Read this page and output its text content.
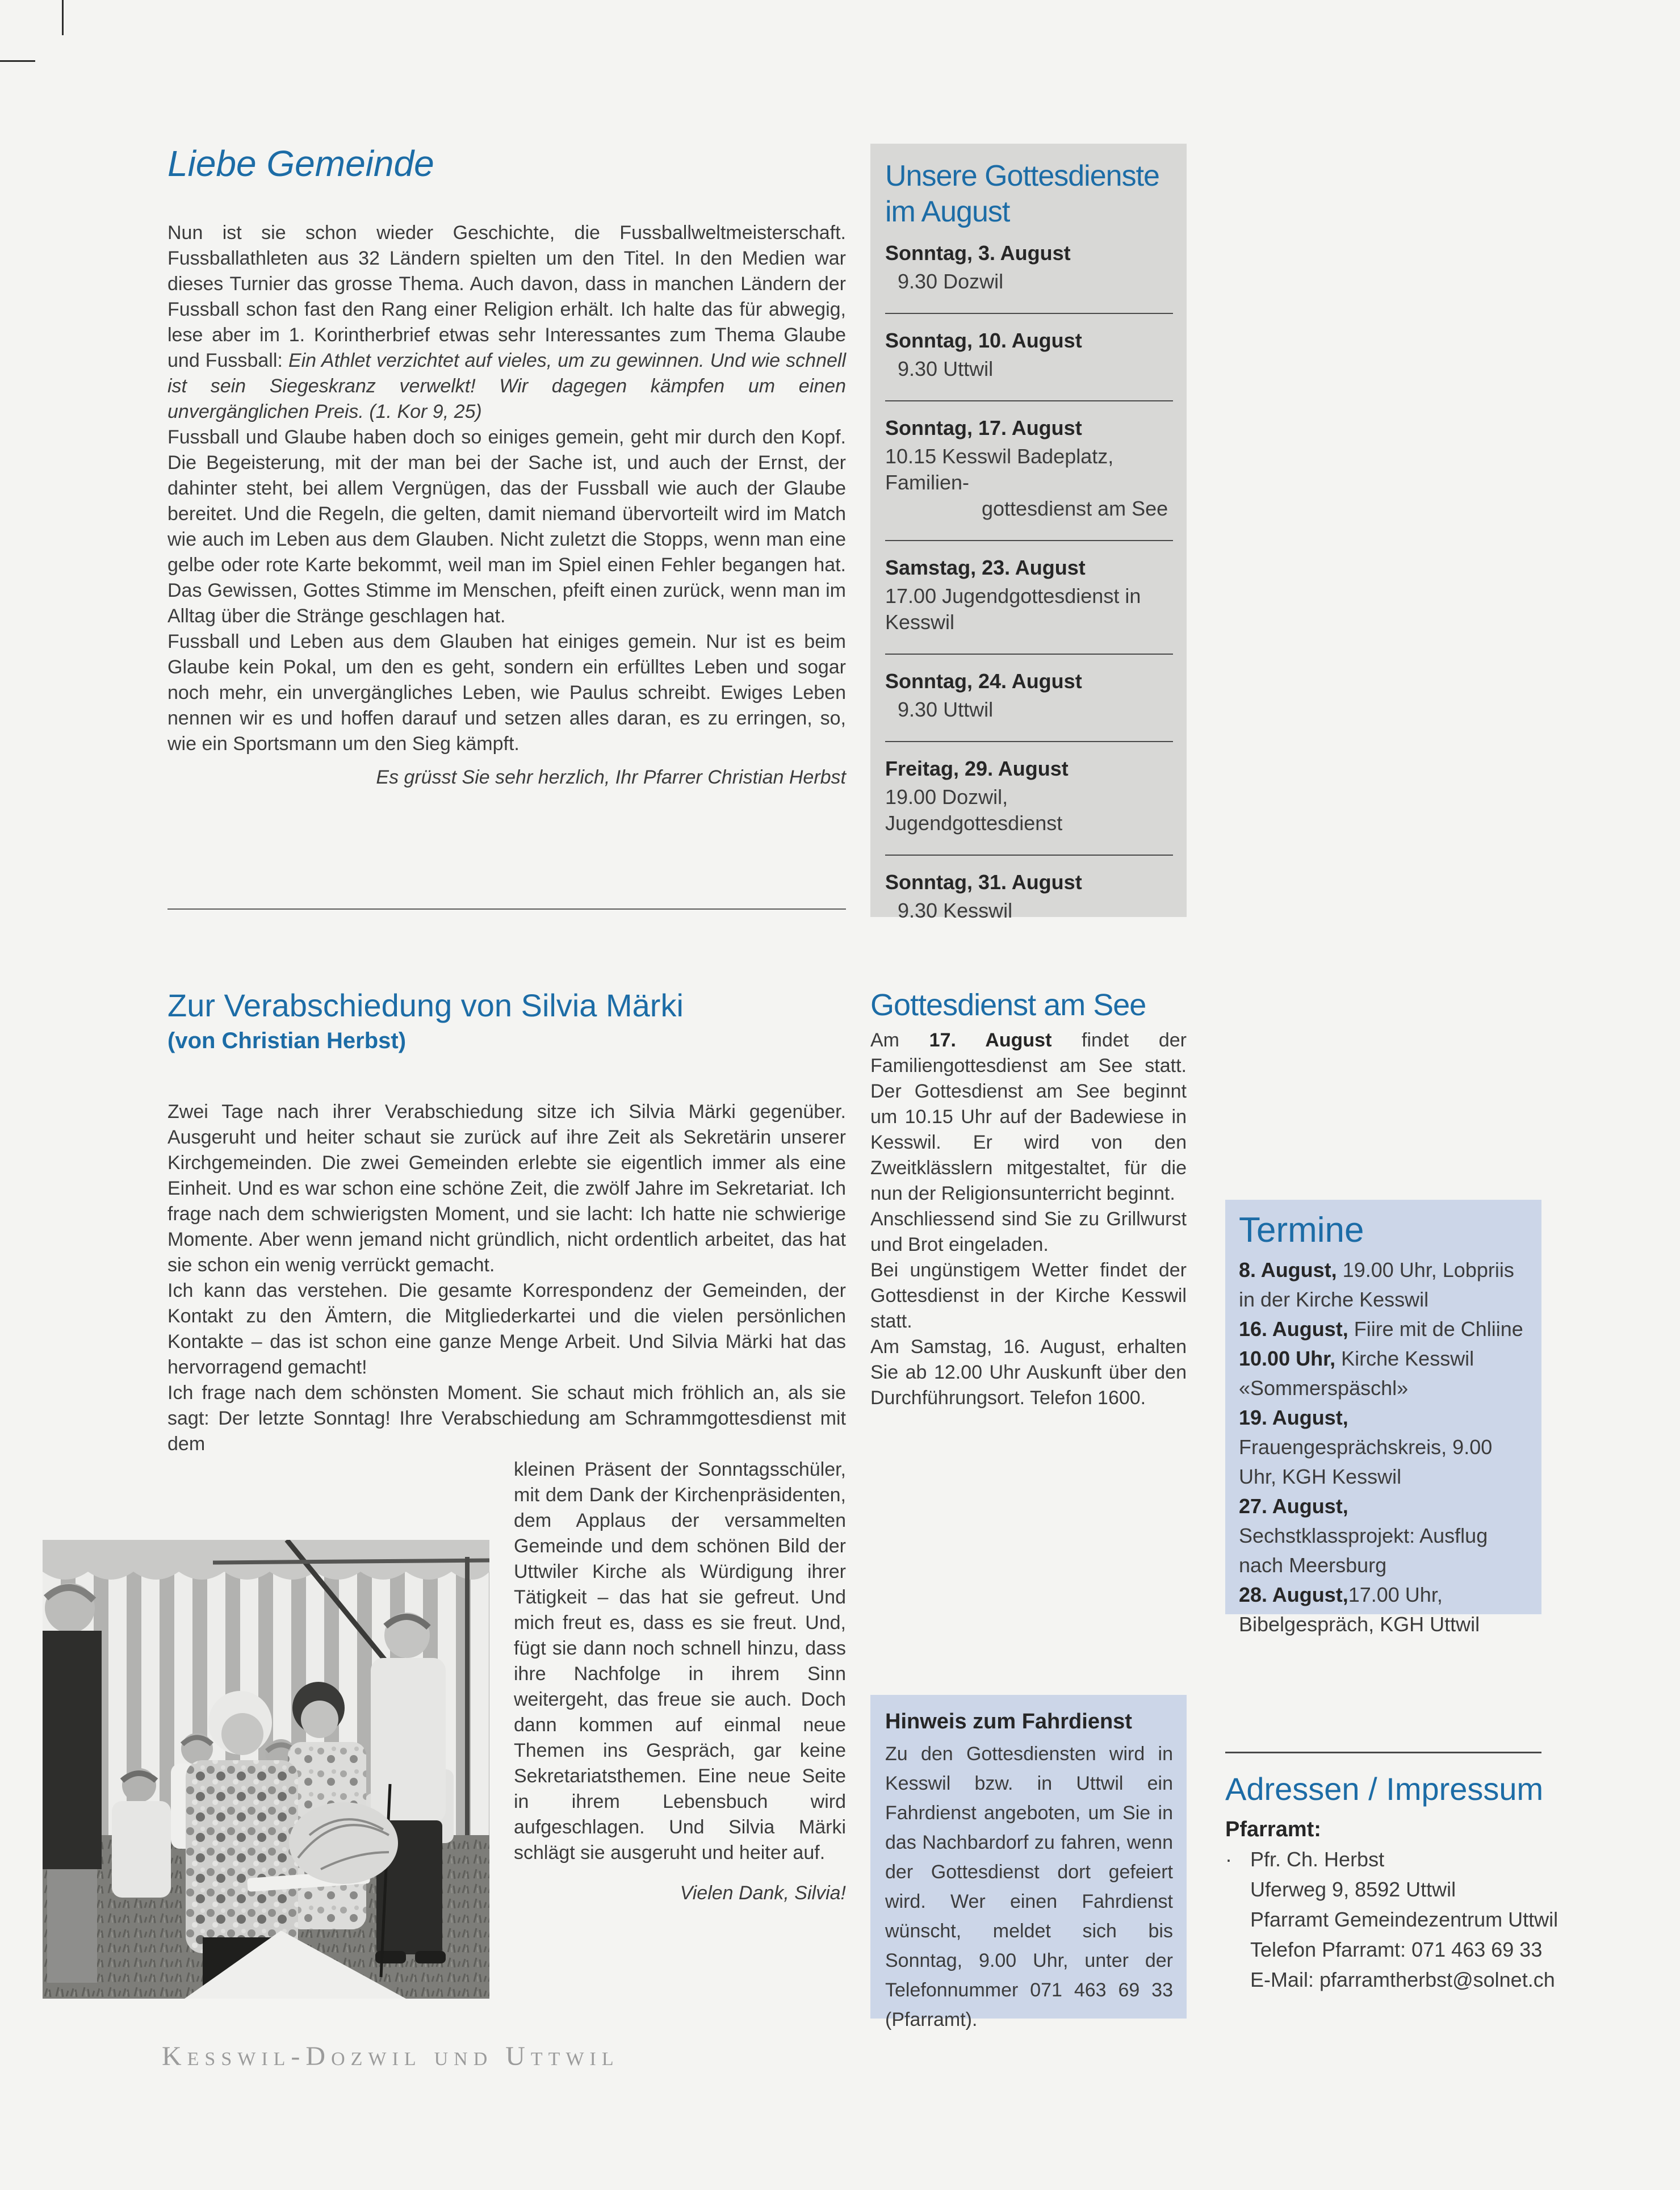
Liebe Gemeinde

Nun ist sie schon wieder Geschichte, die Fussballweltmeisterschaft. Fussballathleten aus 32 Ländern spielten um den Titel. In den Medien war dieses Turnier das grosse Thema. Auch davon, dass in manchen Ländern der Fussball schon fast den Rang einer Religion erhält. Ich halte das für abwegig, lese aber im 1. Korintherbrief etwas sehr Interessantes zum Thema Glaube und Fussball: Ein Athlet verzichtet auf vieles, um zu gewinnen. Und wie schnell ist sein Siegeskranz verwelkt! Wir dagegen kämpfen um einen unvergänglichen Preis. (1. Kor 9, 25)

Fussball und Glaube haben doch so einiges gemein, geht mir durch den Kopf. Die Begeisterung, mit der man bei der Sache ist, und auch der Ernst, der dahinter steht, bei allem Vergnügen, das der Fussball wie auch der Glaube bereitet. Und die Regeln, die gelten, damit niemand übervorteilt wird im Match wie auch im Leben aus dem Glauben. Nicht zuletzt die Stopps, wenn man eine gelbe oder rote Karte bekommt, weil man im Spiel einen Fehler begangen hat. Das Gewissen, Gottes Stimme im Menschen, pfeift einen zurück, wenn man im Alltag über die Stränge geschlagen hat.

Fussball und Leben aus dem Glauben hat einiges gemein. Nur ist es beim Glaube kein Pokal, um den es geht, sondern ein erfülltes Leben und sogar noch mehr, ein unvergängliches Leben, wie Paulus schreibt. Ewiges Leben nennen wir es und hoffen darauf und setzen alles daran, es zu erringen, so, wie ein Sportsmann um den Sieg kämpft.

Es grüsst Sie sehr herzlich, Ihr Pfarrer Christian Herbst

Unsere Gottesdienste
im August
Sonntag, 3. August
9.30 Dozwil
Sonntag, 10. August
9.30 Uttwil
Sonntag, 17. August
10.15 Kesswil Badeplatz, Familien-
gottesdienst am See
Samstag, 23. August
17.00 Jugendgottesdienst in Kesswil
Sonntag, 24. August
9.30 Uttwil
Freitag, 29. August
19.00 Dozwil, Jugendgottesdienst
Sonntag, 31. August
9.30 Kesswil
Zur Verabschiedung von Silvia Märki
(von Christian Herbst)

Zwei Tage nach ihrer Verabschiedung sitze ich Silvia Märki gegenüber. Ausgeruht und heiter schaut sie zurück auf ihre Zeit als Sekretärin unserer Kirchgemeinden. Die zwei Gemeinden erlebte sie eigentlich immer als eine Einheit. Und es war schon eine schöne Zeit, die zwölf Jahre im Sekretariat. Ich frage nach dem schwierigsten Moment, und sie lacht: Ich hatte nie schwierige Momente. Aber wenn jemand nicht gründlich, nicht ordentlich arbeitet, das hat sie schon ein wenig verrückt gemacht.

Ich kann das verstehen. Die gesamte Korrespondenz der Gemeinden, der Kontakt zu den Ämtern, die Mitgliederkartei und die vielen persönlichen Kontakte – das ist schon eine ganze Menge Arbeit. Und Silvia Märki hat das hervorragend gemacht!

Ich frage nach dem schönsten Moment. Sie schaut mich fröhlich an, als sie sagt: Der letzte Sonntag! Ihre Verabschiedung am Schrammgottesdienst mit dem

kleinen Präsent der Sonntagsschüler, mit dem Dank der Kirchenpräsidenten, dem Applaus der versammelten Gemeinde und dem schönen Bild der Uttwiler Kirche als Würdigung ihrer Tätigkeit – das hat sie gefreut. Und mich freut es, dass es sie freut. Und, fügt sie dann noch schnell hinzu, dass ihre Nachfolge in ihrem Sinn weitergeht, das freue sie auch. Doch dann kommen auf einmal neue Themen ins Gespräch, gar keine Sekretariatsthemen. Eine neue Seite in ihrem Lebensbuch wird aufgeschlagen. Und Silvia Märki schlägt sie ausgeruht und heiter auf.

Vielen Dank, Silvia!

Gottesdienst am See

Am 17. August findet der Familiengottesdienst am See statt. Der Gottesdienst am See beginnt um 10.15 Uhr auf der Badewiese in Kesswil. Er wird von den Zweitklässlern mitgestaltet, für die nun der Religionsunterricht beginnt.

Anschliessend sind Sie zu Grillwurst und Brot eingeladen.

Bei ungünstigem Wetter findet der Gottesdienst in der Kirche Kesswil statt.

Am Samstag, 16. August, erhalten Sie ab 12.00 Uhr Auskunft über den Durchführungsort. Telefon 1600.

Termine
8. August, 19.00 Uhr, Lobpriis in der Kirche Kesswil
16. August, Fiire mit de Chliine 10.00 Uhr, Kirche Kesswil «Sommerspäschl»
19. August, Frauengesprächskreis, 9.00 Uhr, KGH Kesswil
27. August, Sechstklassprojekt: Ausflug nach Meersburg
28. August,17.00 Uhr, Bibelgespräch, KGH Uttwil
Hinweis zum Fahrdienst

Zu den Gottesdiensten wird in Kesswil bzw. in Uttwil ein Fahrdienst angeboten, um Sie in das Nachbardorf zu fahren, wenn der Gottesdienst dort gefeiert wird. Wer einen Fahrdienst wünscht, meldet sich bis Sonntag, 9.00 Uhr, unter der Telefonnummer 071 463 69 33 (Pfarramt).

Adressen / Impressum
Pfarramt:
· Pfr. Ch. Herbst
Uferweg 9, 8592 Uttwil
Pfarramt Gemeindezentrum Uttwil
Telefon Pfarramt: 071 463 69 33
E-Mail: pfarramtherbst@solnet.ch
Kesswil-Dozwil und Uttwil
